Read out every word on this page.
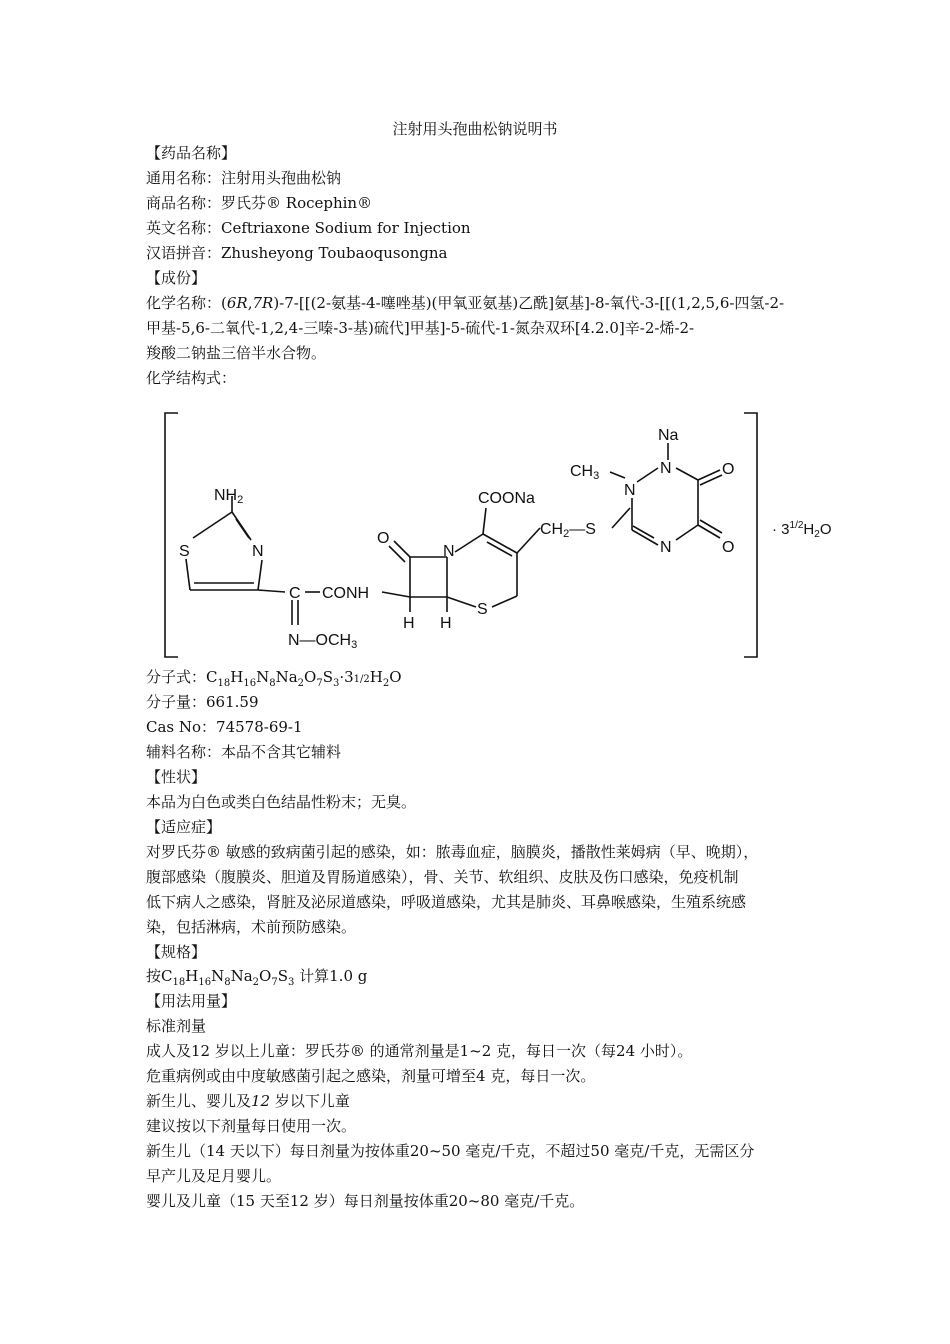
注射用头孢曲松钠说明书
【药品名称】
通用名称：注射用头孢曲松钠
商品名称：罗氏芬® Rocephin®
英文名称：Ceftriaxone Sodium for Injection
汉语拼音：Zhusheyong Toubaoqusongna
【成份】
化学名称：(6R,7R)-7-[[(2-氨基-4-噻唑基)(甲氧亚氨基)乙酰]氨基]-8-氧代-3-[[(1,2,5,6-四氢-2-
甲基-5,6-二氧代-1,2,4-三嗪-3-基)硫代]甲基]-5-硫代-1-氮杂双环[4.2.0]辛-2-烯-2-
羧酸二钠盐三倍半水合物。
化学结构式：
NH2
S	N
C CONH
N—OCH3
O
N
H H
S
COONa
CH2—S
CH3
N
Na
N	O
O
N
· $3^{1/2}H_2O$
分子式：$C_{18}H_{16}N_8Na_2O_7S_3\cdot 31/2H_2O$
分子量：661.59
Cas No：74578-69-1
辅料名称：本品不含其它辅料
【性状】
本品为白色或类白色结晶性粉末；无臭。
【适应症】
对罗氏芬® 敏感的致病菌引起的感染，如：脓毒血症，脑膜炎，播散性莱姆病（早、晚期），
腹部感染（腹膜炎、胆道及胃肠道感染），骨、关节、软组织、皮肤及伤口感染，免疫机制
低下病人之感染，肾脏及泌尿道感染，呼吸道感染，尤其是肺炎、耳鼻喉感染，生殖系统感
染，包括淋病，术前预防感染。
【规格】
按$C_{18}H_{16}N_8Na_2O_7S_3$ 计算1.0 g
【用法用量】
标准剂量
成人及12 岁以上儿童：罗氏芬® 的通常剂量是1~2 克，每日一次（每24 小时）。
危重病例或由中度敏感菌引起之感染，剂量可增至4 克，每日一次。
新生儿、婴儿及12 岁以下儿童
建议按以下剂量每日使用一次。
新生儿（14 天以下）每日剂量为按体重20~50 毫克/千克，不超过50 毫克/千克，无需区分
早产儿及足月婴儿。
婴儿及儿童（15 天至12 岁）每日剂量按体重20~80 毫克/千克。
